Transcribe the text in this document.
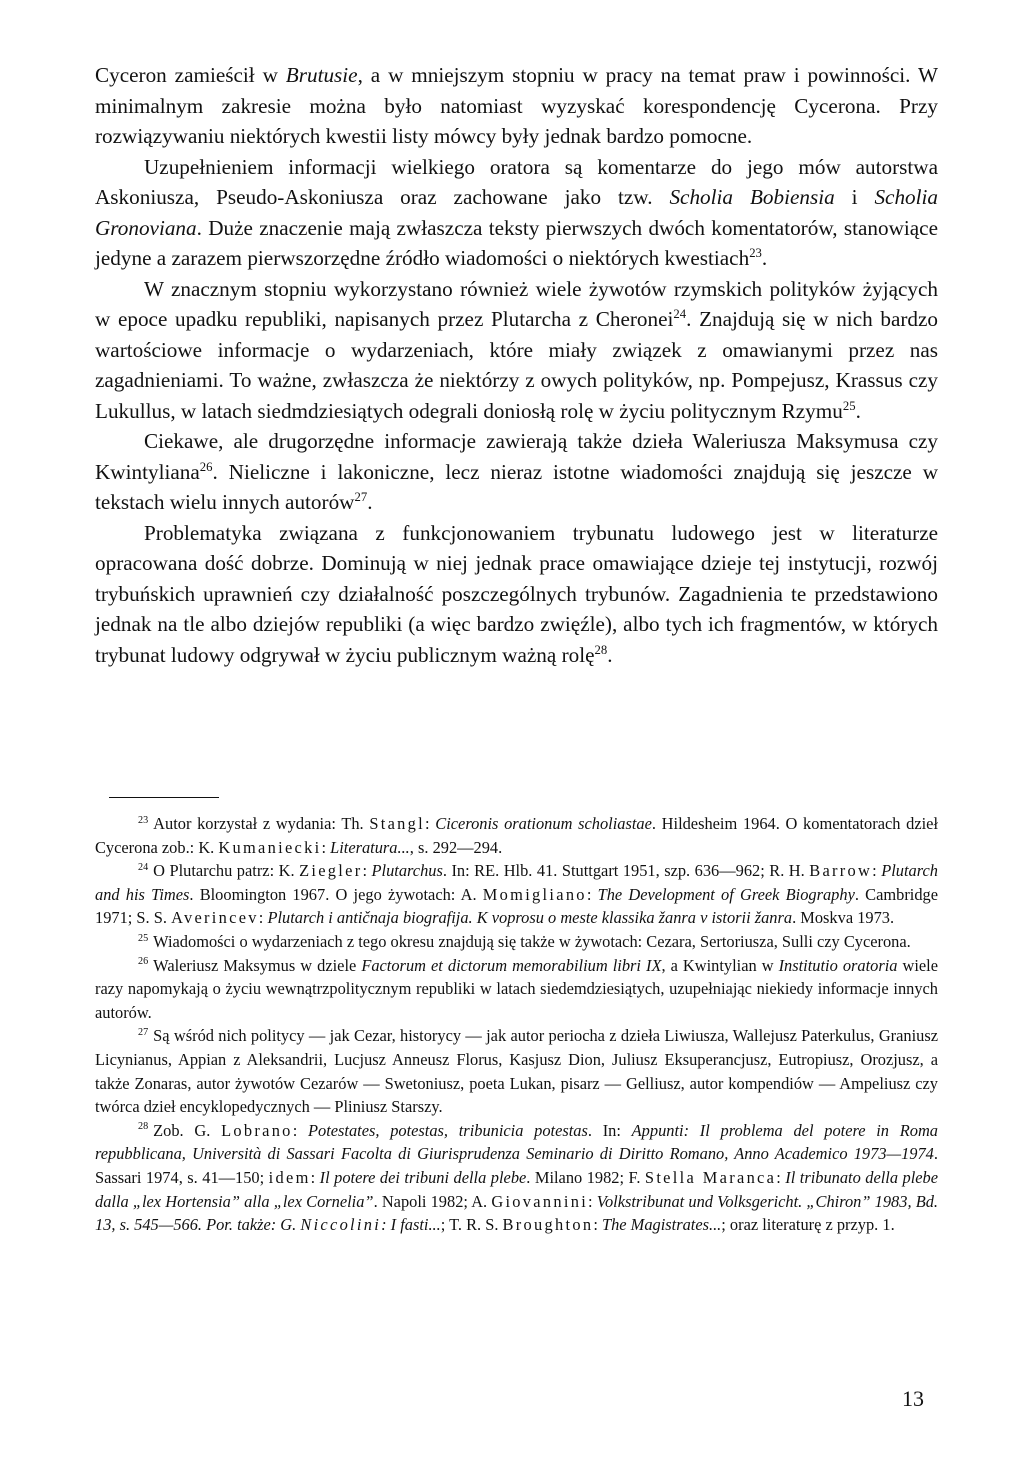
Cyceron zamieścił w Brutusie, a w mniejszym stopniu w pracy na temat praw i powinności. W minimalnym zakresie można było natomiast wyzyskać korespondencję Cycerona. Przy rozwiązywaniu niektórych kwestii listy mówcy były jednak bardzo pomocne.

Uzupełnieniem informacji wielkiego oratora są komentarze do jego mów autorstwa Askoniusza, Pseudo-Askoniusza oraz zachowane jako tzw. Scholia Bobiensia i Scholia Gronoviana. Duże znaczenie mają zwłaszcza teksty pierwszych dwóch komentatorów, stanowiące jedyne a zarazem pierwszorzędne źródło wiadomości o niektórych kwestiach$^{23}$.

W znacznym stopniu wykorzystano również wiele żywotów rzymskich polityków żyjących w epoce upadku republiki, napisanych przez Plutarcha z Cheronei$^{24}$. Znajdują się w nich bardzo wartościowe informacje o wydarzeniach, które miały związek z omawianymi przez nas zagadnieniami. To ważne, zwłaszcza że niektórzy z owych polityków, np. Pompejusz, Krassus czy Lukullus, w latach siedmdziesiątych odegrali doniosłą rolę w życiu politycznym Rzymu$^{25}$.

Ciekawe, ale drugorzędne informacje zawierają także dzieła Waleriusza Maksymusa czy Kwintyliana$^{26}$. Nieliczne i lakoniczne, lecz nieraz istotne wiadomości znajdują się jeszcze w tekstach wielu innych autorów$^{27}$.

Problematyka związana z funkcjonowaniem trybunatu ludowego jest w literaturze opracowana dość dobrze. Dominują w niej jednak prace omawiające dzieje tej instytucji, rozwój trybuńskich uprawnień czy działalność poszczególnych trybunów. Zagadnienia te przedstawiono jednak na tle albo dziejów republiki (a więc bardzo zwięźle), albo tych ich fragmentów, w których trybunat ludowy odgrywał w życiu publicznym ważną rolę$^{28}$.

$^{23}$ Autor korzystał z wydania: Th. Stangl: Ciceronis orationum scholiastae. Hildesheim 1964. O komentatorach dzieł Cycerona zob.: K. Kumaniecki: Literatura..., s. 292—294.

$^{24}$ O Plutarchu patrz: K. Ziegler: Plutarchus. In: RE. Hlb. 41. Stuttgart 1951, szp. 636—962; R. H. Barrow: Plutarch and his Times. Bloomington 1967. O jego żywotach: A. Momigliano: The Development of Greek Biography. Cambridge 1971; S. S. Averincev: Plutarch i antičnaja biografija. K voprosu o meste klassika žanra v istorii žanra. Moskva 1973.

$^{25}$ Wiadomości o wydarzeniach z tego okresu znajdują się także w żywotach: Cezara, Sertoriusza, Sulli czy Cycerona.

$^{26}$ Waleriusz Maksymus w dziele Factorum et dictorum memorabilium libri IX, a Kwintylian w Institutio oratoria wiele razy napomykają o życiu wewnątrzpolitycznym republiki w latach siedemdziesiątych, uzupełniając niekiedy informacje innych autorów.

$^{27}$ Są wśród nich politycy — jak Cezar, historycy — jak autor periocha z dzieła Liwiusza, Wallejusz Paterkulus, Graniusz Licynianus, Appian z Aleksandrii, Lucjusz Anneusz Florus, Kasjusz Dion, Juliusz Eksuperancjusz, Eutropiusz, Orozjusz, a także Zonaras, autor żywotów Cezarów — Swetoniusz, poeta Lukan, pisarz — Gelliusz, autor kompendiów — Ampeliusz czy twórca dzieł encyklopedycznych — Pliniusz Starszy.

$^{28}$ Zob. G. Lobrano: Potestates, potestas, tribunicia potestas. In: Appunti: Il problema del potere in Roma repubblicana, Università di Sassari Facolta di Giurisprudenza Seminario di Diritto Romano, Anno Academico 1973—1974. Sassari 1974, s. 41—150; idem: Il potere dei tribuni della plebe. Milano 1982; F. Stella Maranca: Il tribunato della plebe dalla „lex Hortensia” alla „lex Cornelia”. Napoli 1982; A. Giovannini: Volkstribunat und Volksgericht. „Chiron” 1983, Bd. 13, s. 545—566. Por. także: G. Niccolini: I fasti...; T. R. S. Broughton: The Magistrates...; oraz literaturę z przyp. 1.

13
